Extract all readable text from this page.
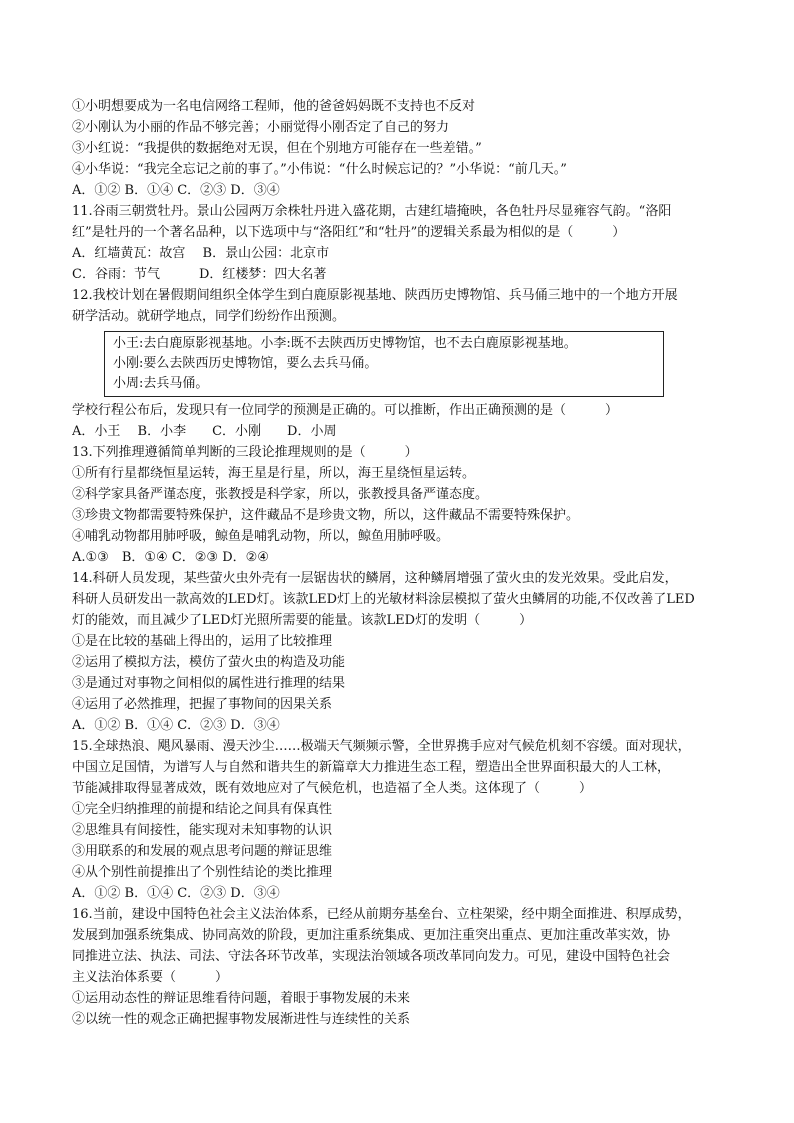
①小明想要成为一名电信网络工程师，他的爸爸妈妈既不支持也不反对
②小刚认为小丽的作品不够完善；小丽觉得小刚否定了自己的努力
③小红说：“我提供的数据绝对无误，但在个别地方可能存在一些差错。”
④小华说：“我完全忘记之前的事了。”小伟说：“什么时候忘记的？”小华说：“前几天。”
A．①② B．①④ C．②③ D．③④
11.谷雨三朝赏牡丹。景山公园两万余株牡丹进入盛花期，古建红墙掩映，各色牡丹尽显雍容气韵。“洛阳
红”是牡丹的一个著名品种，以下选项中与“洛阳红”和“牡丹”的逻辑关系最为相似的是（　　　）
A．红墙黄瓦：故宫　 B．景山公园：北京市
C．谷雨：节气　　　D．红楼梦：四大名著
12.我校计划在暑假期间组织全体学生到白鹿原影视基地、陕西历史博物馆、兵马俑三地中的一个地方开展
研学活动。就研学地点，同学们纷纷作出预测。
小王:去白鹿原影视基地。小李:既不去陕西历史博物馆，也不去白鹿原影视基地。
小刚:要么去陕西历史博物馆，要么去兵马俑。
小周:去兵马俑。
学校行程公布后，发现只有一位同学的预测是正确的。可以推断，作出正确预测的是（　　　）
A．小王　 B．小李　　C．小刚　　D．小周
13.下列推理遵循简单判断的三段论推理规则的是（　　　）
①所有行星都绕恒星运转，海王星是行星，所以，海王星绕恒星运转。
②科学家具备严谨态度，张教授是科学家，所以，张教授具备严谨态度。
③珍贵文物都需要特殊保护，这件藏品不是珍贵文物，所以，这件藏品不需要特殊保护。
④哺乳动物都用肺呼吸，鲸鱼是哺乳动物，所以，鲸鱼用肺呼吸。
A.①③　B．①④ C．②③ D．②④
14.科研人员发现，某些萤火虫外壳有一层锯齿状的鳞屑，这种鳞屑增强了萤火虫的发光效果。受此启发，
科研人员研发出一款高效的LED灯。该款LED灯上的光敏材料涂层模拟了萤火虫鳞屑的功能,不仅改善了LED
灯的能效，而且减少了LED灯光照所需要的能量。该款LED灯的发明（　　　）
①是在比较的基础上得出的，运用了比较推理
②运用了模拟方法，模仿了萤火虫的构造及功能
③是通过对事物之间相似的属性进行推理的结果
④运用了必然推理，把握了事物间的因果关系
A．①② B．①④ C．②③ D．③④
15.全球热浪、飓风暴雨、漫天沙尘……极端天气频频示警，全世界携手应对气候危机刻不容缓。面对现状，
中国立足国情，为谱写人与自然和谐共生的新篇章大力推进生态工程，塑造出全世界面积最大的人工林，
节能减排取得显著成效，既有效地应对了气候危机，也造福了全人类。这体现了（　　　）
①完全归纳推理的前提和结论之间具有保真性
②思维具有间接性，能实现对未知事物的认识
③用联系的和发展的观点思考问题的辩证思维
④从个别性前提推出了个别性结论的类比推理
A．①② B．①④ C．②③ D．③④
16.当前，建设中国特色社会主义法治体系，已经从前期夯基垒台、立柱架梁，经中期全面推进、积厚成势，
发展到加强系统集成、协同高效的阶段，更加注重系统集成、更加注重突出重点、更加注重改革实效，协
同推进立法、执法、司法、守法各环节改革，实现法治领域各项改革同向发力。可见，建设中国特色社会
主义法治体系要（　　　）
①运用动态性的辩证思维看待问题，着眼于事物发展的未来
②以统一性的观念正确把握事物发展渐进性与连续性的关系
